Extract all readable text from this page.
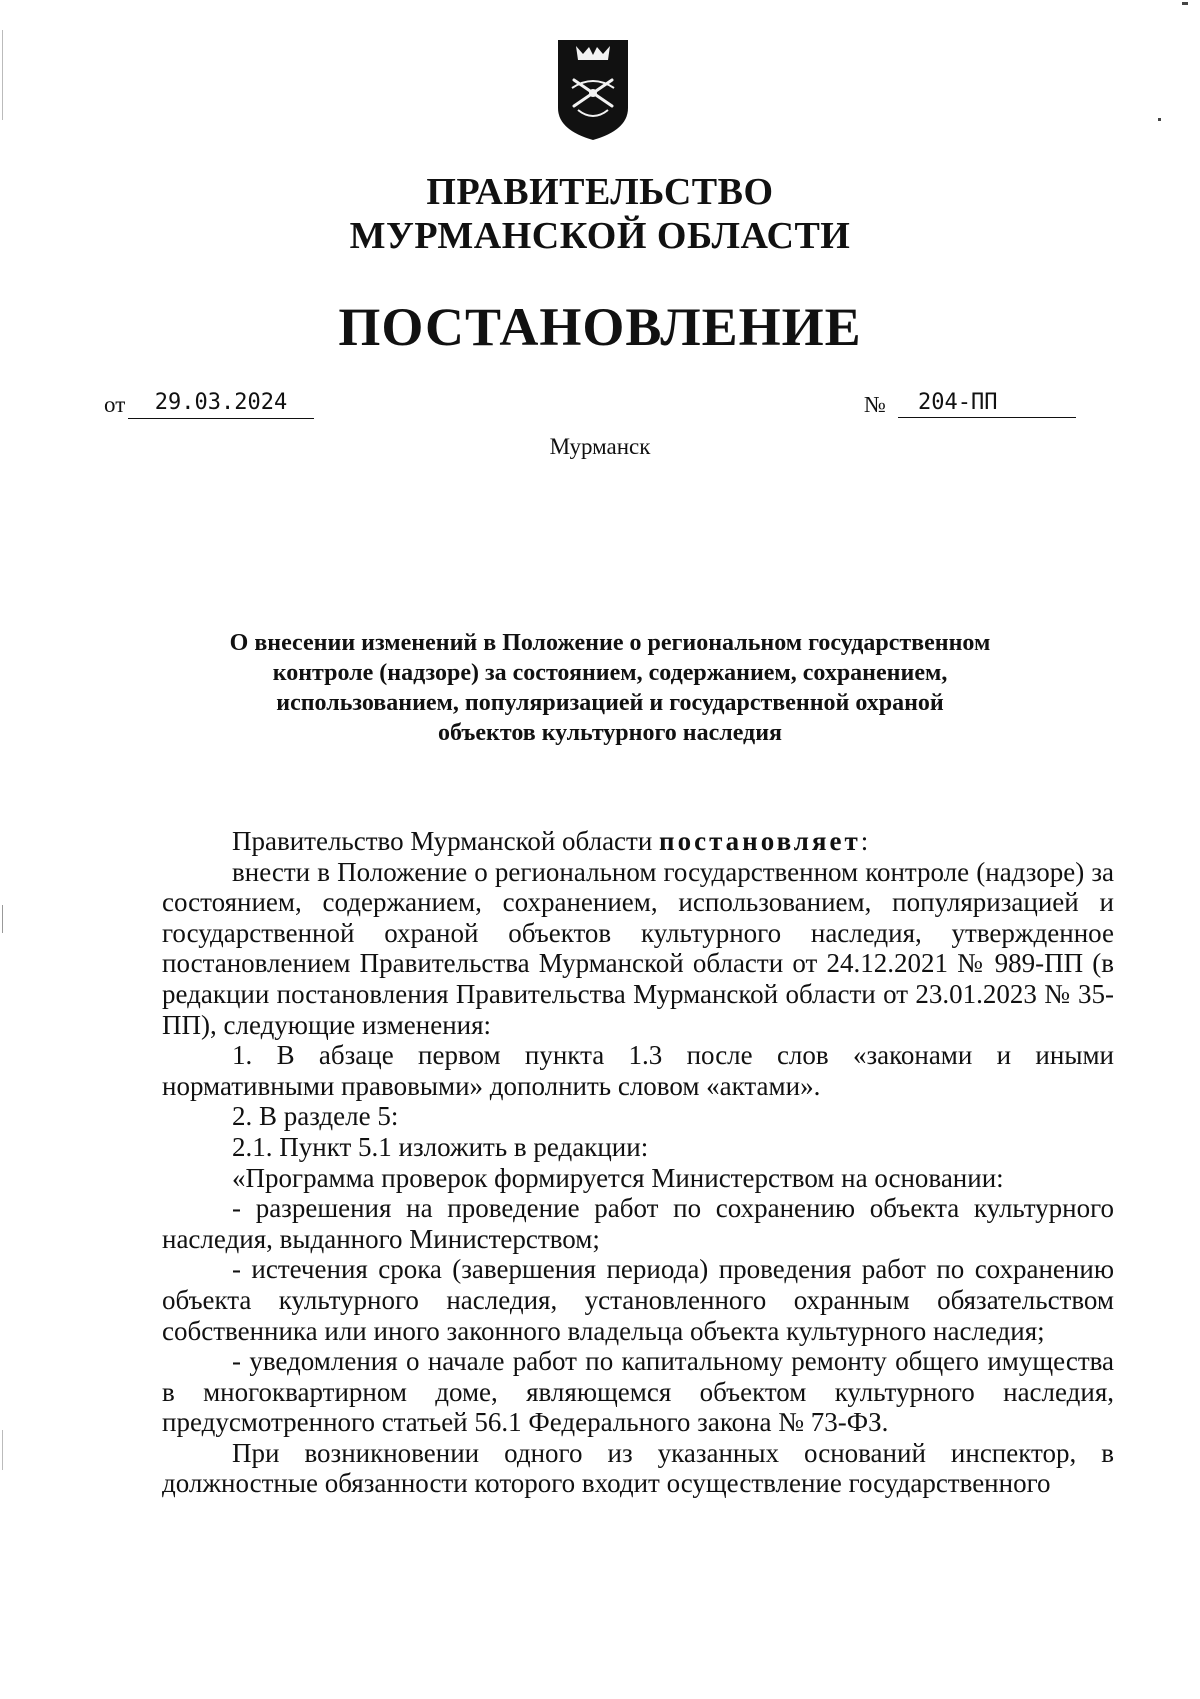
ПРАВИТЕЛЬСТВО
МУРМАНСКОЙ ОБЛАСТИ
ПОСТАНОВЛЕНИЕ
от	29.03.2024	№	204-ПП
Мурманск
О внесении изменений в Положение о региональном государственном
контроле (надзоре) за состоянием, содержанием, сохранением,
использованием, популяризацией и государственной охраной
объектов культурного наследия
Правительство Мурманской области постановляет:
внести в Положение о региональном государственном контроле (надзоре) за состоянием, содержанием, сохранением, использованием, популяризацией и государственной охраной объектов культурного наследия, утвержденное постановлением Правительства Мурманской области от 24.12.2021 № 989-ПП (в редакции постановления Правительства Мурманской области от 23.01.2023 № 35-ПП), следующие изменения:
1. В абзаце первом пункта 1.3 после слов «законами и иными нормативными правовыми» дополнить словом «актами».
2. В разделе 5:
2.1. Пункт 5.1 изложить в редакции:
«Программа проверок формируется Министерством на основании:
- разрешения на проведение работ по сохранению объекта культурного наследия, выданного Министерством;
- истечения срока (завершения периода) проведения работ по сохранению объекта культурного наследия, установленного охранным обязательством собственника или иного законного владельца объекта культурного наследия;
- уведомления о начале работ по капитальному ремонту общего имущества в многоквартирном доме, являющемся объектом культурного наследия, предусмотренного статьей 56.1 Федерального закона № 73-ФЗ.
При возникновении одного из указанных оснований инспектор, в должностные обязанности которого входит осуществление государственного
